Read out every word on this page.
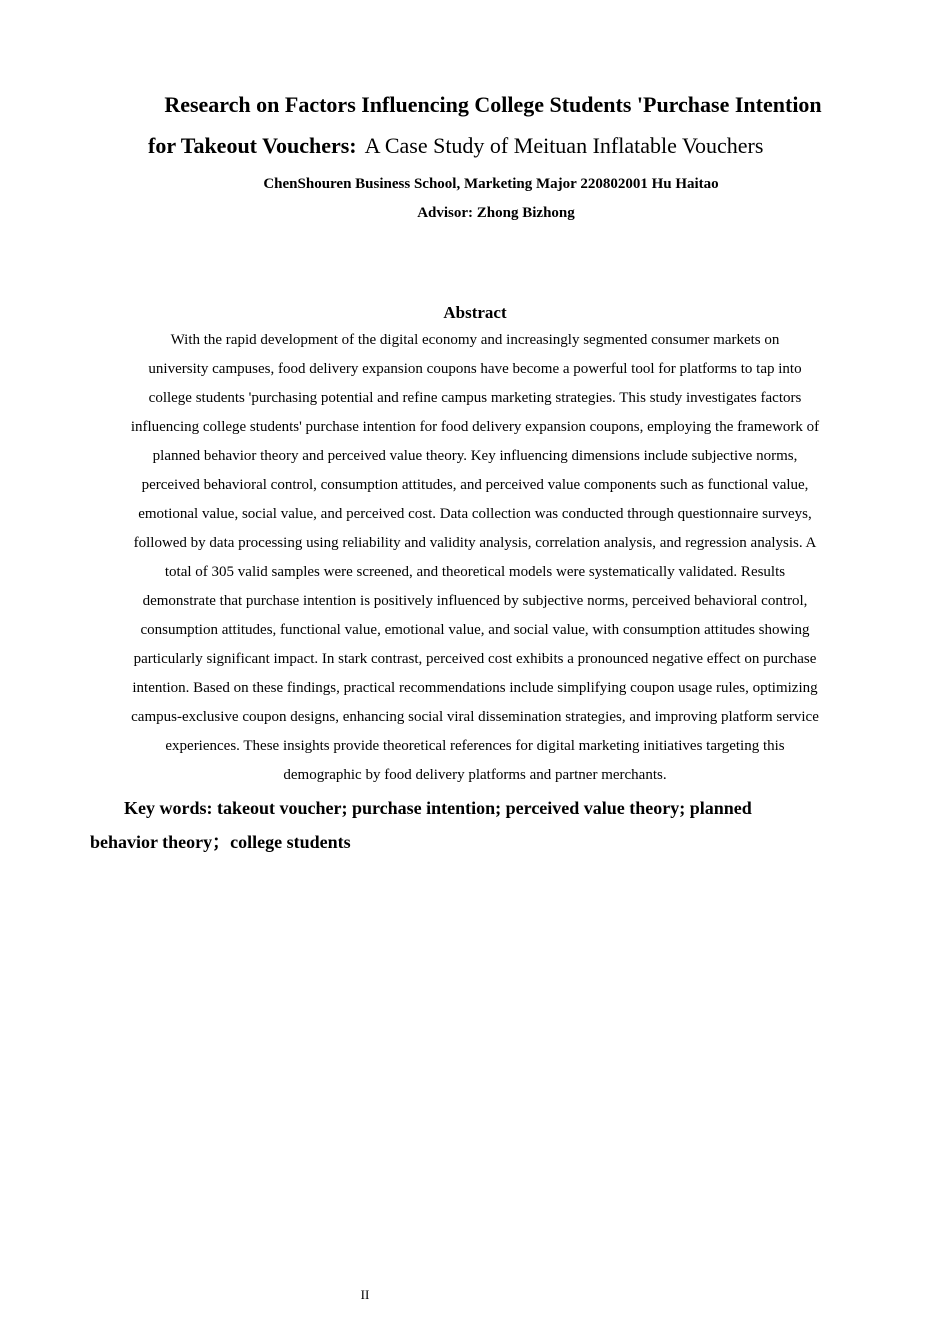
Research on Factors Influencing College Students 'Purchase Intention
for Takeout Vouchers: A Case Study of Meituan Inflatable Vouchers
ChenShouren Business School, Marketing Major 220802001 Hu Haitao
Advisor: Zhong Bizhong
Abstract
With the rapid development of the digital economy and increasingly segmented consumer markets on
university campuses, food delivery expansion coupons have become a powerful tool for platforms to tap into
college students 'purchasing potential and refine campus marketing strategies. This study investigates factors
influencing college students' purchase intention for food delivery expansion coupons, employing the framework of
planned behavior theory and perceived value theory. Key influencing dimensions include subjective norms,
perceived behavioral control, consumption attitudes, and perceived value components such as functional value,
emotional value, social value, and perceived cost. Data collection was conducted through questionnaire surveys,
followed by data processing using reliability and validity analysis, correlation analysis, and regression analysis. A
total of 305 valid samples were screened, and theoretical models were systematically validated. Results
demonstrate that purchase intention is positively influenced by subjective norms, perceived behavioral control,
consumption attitudes, functional value, emotional value, and social value, with consumption attitudes showing
particularly significant impact. In stark contrast, perceived cost exhibits a pronounced negative effect on purchase
intention. Based on these findings, practical recommendations include simplifying coupon usage rules, optimizing
campus-exclusive coupon designs, enhancing social viral dissemination strategies, and improving platform service
experiences. These insights provide theoretical references for digital marketing initiatives targeting this
demographic by food delivery platforms and partner merchants.
Key words: takeout voucher; purchase intention; perceived value theory; planned
behavior theory；college students
II
